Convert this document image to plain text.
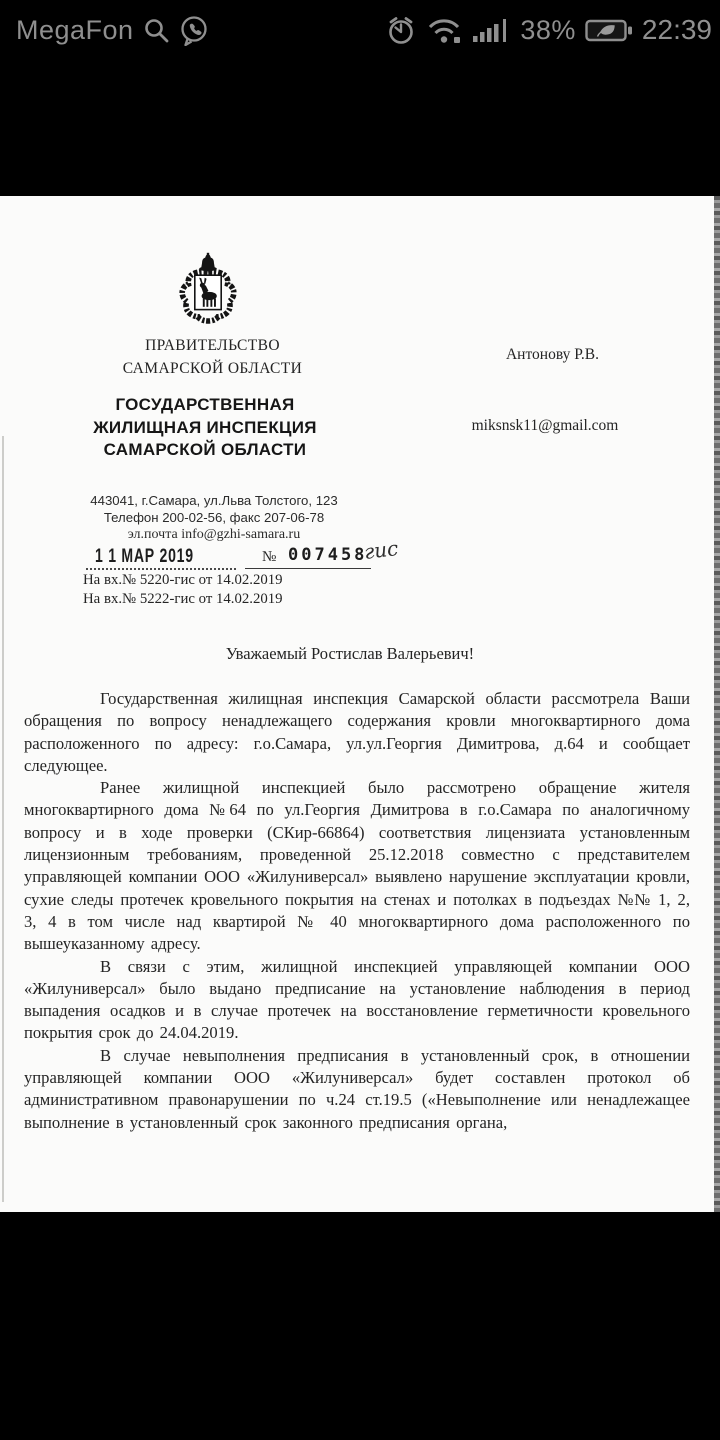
MegaFon	38% 22:39
ПРАВИТЕЛЬСТВО
САМАРСКОЙ ОБЛАСТИ
Антонову Р.В.
ГОСУДАРСТВЕННАЯ
ЖИЛИЩНАЯ ИНСПЕКЦИЯ
САМАРСКОЙ ОБЛАСТИ
miksnsk11@gmail.com
443041, г.Самара, ул.Льва Толстого, 123
Телефон 200-02-56, факс 207-06-78
эл.почта info@gzhi-samara.ru
1 1 МАР 2019	№ 007458
гис
На вх.№ 5220-гис от 14.02.2019
На вх.№ 5222-гис от 14.02.2019
Уважаемый Ростислав Валерьевич!

Государственная жилищная инспекция Самарской области рассмотрела Ваши обращения по вопросу ненадлежащего содержания кровли многоквартирного дома расположенного по адресу: г.о.Самара, ул.ул.Георгия Димитрова, д.64 и сообщает следующее.

Ранее жилищной инспекцией было рассмотрено обращение жителя многоквартирного дома №64 по ул.Георгия Димитрова в г.о.Самара по аналогичному вопросу и в ходе проверки (СКир-66864) соответствия лицензиата установленным лицензионным требованиям, проведенной 25.12.2018 совместно с представителем управляющей компании ООО «Жилуниверсал» выявлено нарушение эксплуатации кровли, сухие следы протечек кровельного покрытия на стенах и потолках в подъездах №№ 1, 2, 3, 4 в том числе над квартирой № 40 многоквартирного дома расположенного по вышеуказанному адресу.

В связи с этим, жилищной инспекцией управляющей компании ООО «Жилуниверсал» было выдано предписание на установление наблюдения в период выпадения осадков и в случае протечек на восстановление герметичности кровельного покрытия срок до 24.04.2019.

В случае невыполнения предписания в установленный срок, в отношении управляющей компании ООО «Жилуниверсал» будет составлен протокол об административном правонарушении по ч.24 ст.19.5 («Невыполнение или ненадлежащее выполнение в установленный срок законного предписания органа,
